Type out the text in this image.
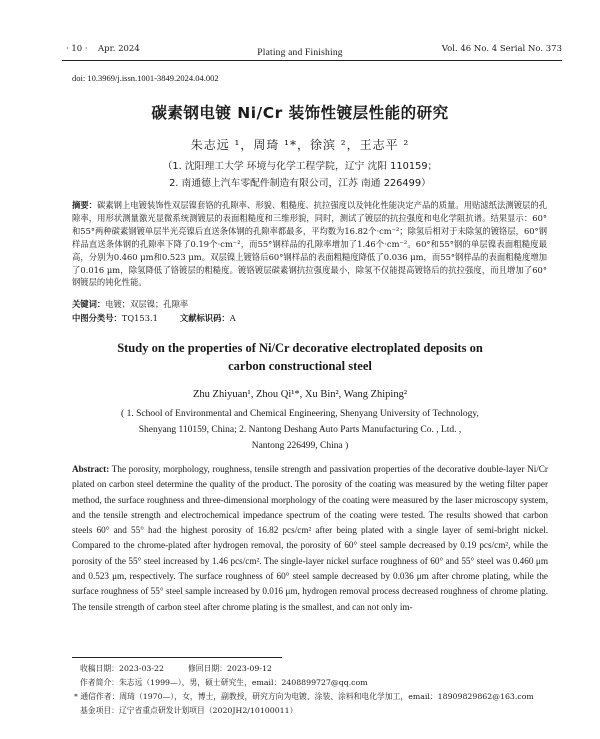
· 10 · Apr. 2024	Plating and Finishing	Vol. 46 No. 4 Serial No. 373
doi: 10.3969/j.issn.1001-3849.2024.04.002
碳素钢电镀 Ni/Cr 装饰性镀层性能的研究
朱志远 ¹，周琦 ¹*，徐滨 ²，王志平 ²
（1. 沈阳理工大学 环境与化学工程学院，辽宁 沈阳 110159；
2. 南通德上汽车零配件制造有限公司，江苏 南通 226499）

摘要：碳素钢上电镀装饰性双层镍套铬的孔隙率、形貌、粗糙度、抗拉强度以及钝化性能决定产品的质量。用贴滤纸法测镀层的孔隙率，用形状测量激光显微系统测镀层的表面粗糙度和三维形貌，同时，测试了镀层的抗拉强度和电化学阻抗谱。结果显示：60°和55°两种碳素钢镀单层半光亮镍后直送条体钢的孔隙率都最多，平均数为16.82个·cm⁻²；除氢后相对于未除氢的镀铬层，60°钢样品直送条体钢的孔隙率下降了0.19个·cm⁻²，而55°钢样品的孔隙率增加了1.46个·cm⁻²。60°和55°钢的单层镍表面粗糙度最高，分别为0.460 μm和0.523 μm。双层镍上镀铬后60°钢样品的表面粗糙度降低了0.036 μm，而55°钢样品的表面粗糙度增加了0.016 μm，除氢降低了铬镀层的粗糙度。镀铬镀层碳素钢抗拉强度最小，除氢不仅能提高镀铬后的抗拉强度，而且增加了60°钢镀层的钝化性能。

关键词：电镀；双层镍；孔隙率
中图分类号：TQ153.1	文献标识码：A
Study on the properties of Ni/Cr decorative electroplated deposits on
carbon constructional steel
Zhu Zhiyuan¹, Zhou Qi¹*, Xu Bin², Wang Zhiping²
( 1. School of Environmental and Chemical Engineering, Shenyang University of Technology,
Shenyang 110159, China; 2. Nantong Deshang Auto Parts Manufacturing Co. , Ltd. ,
Nantong 226499, China )
Abstract: The porosity, morphology, roughness, tensile strength and passivation properties of the decorative double-layer Ni/Cr plated on carbon steel determine the quality of the product. The porosity of the coating was measured by the weting filter paper method, the surface roughness and three-dimensional morphology of the coating were measured by the laser microscopy system, and the tensile strength and electrochemical impedance spectrum of the coating were tested. The results showed that carbon steels 60° and 55° had the highest porosity of 16.82 pcs/cm² after being plated with a single layer of semi-bright nickel. Compared to the chrome-plated after hydrogen removal, the porosity of 60° steel sample decreased by 0.19 pcs/cm², while the porosity of the 55° steel increased by 1.46 pcs/cm². The single-layer nickel surface roughness of 60° and 55° steel was 0.460 μm and 0.523 μm, respectively. The surface roughness of 60° steel sample decreased by 0.036 μm after chrome plating, while the surface roughness of 55° steel sample increased by 0.016 μm, hydrogen removal process decreased roughness of chrome plating. The tensile strength of carbon steel after chrome plating is the smallest, and can not only im-
收稿日期：2023-03-22	修回日期：2023-09-12
作者简介：朱志远（1999—），男，硕士研究生，email：2408899727@qq.com
* 通信作者：周琦（1970—），女，博士，副教授，研究方向为电镀、涂装、涂料和电化学加工，email：18909829862@163.com
基金项目：辽宁省重点研发计划项目（2020JH2/10100011）
